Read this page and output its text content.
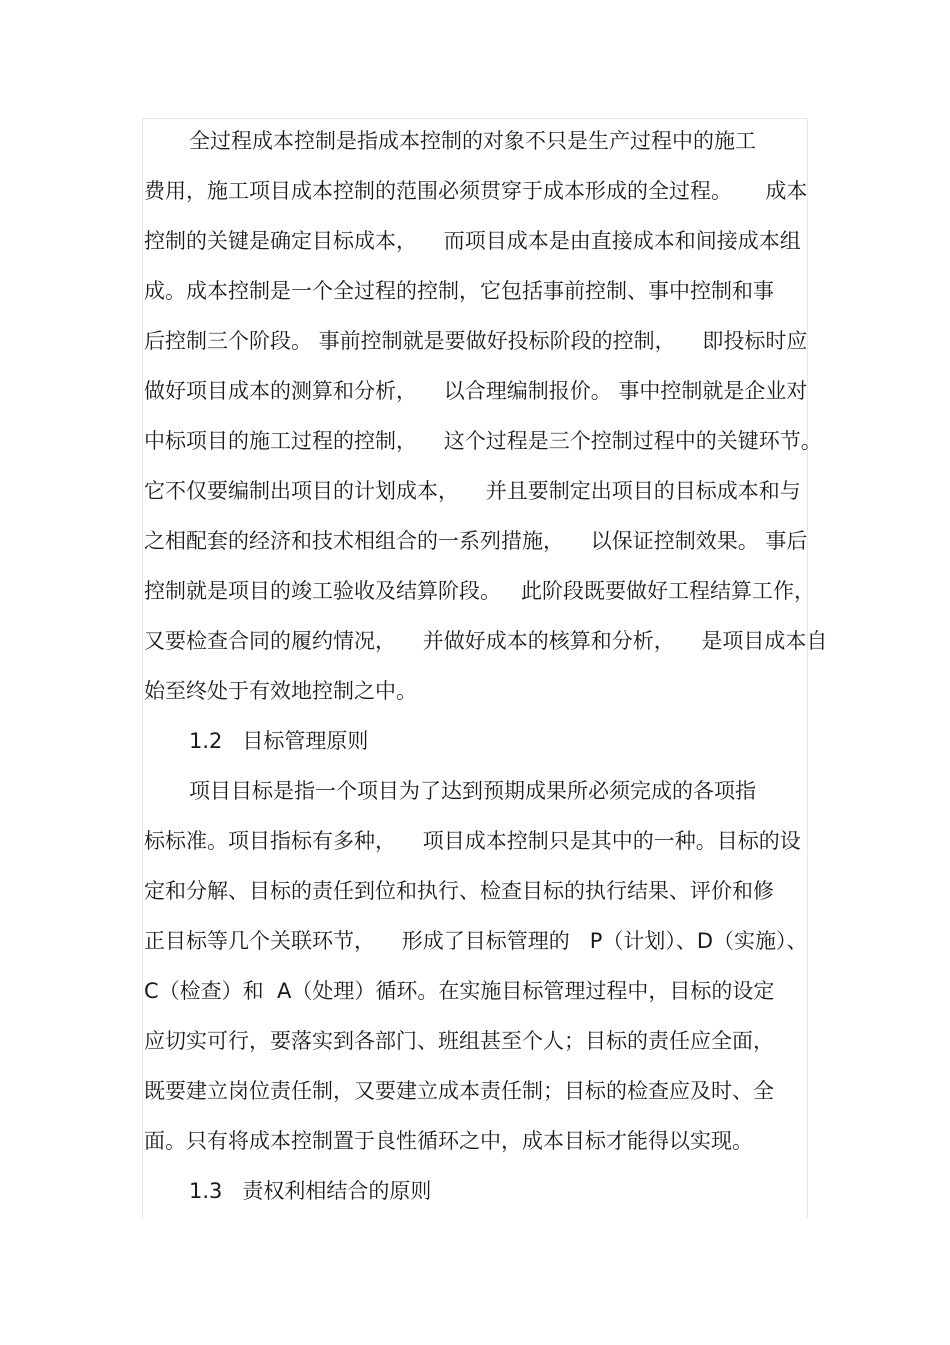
全过程成本控制是指成本控制的对象不只是生产过程中的施工
费用，施工项目成本控制的范围必须贯穿于成本形成的全过程。     成本
控制的关键是确定目标成本，    而项目成本是由直接成本和间接成本组
成。成本控制是一个全过程的控制，它包括事前控制、事中控制和事
后控制三个阶段。 事前控制就是要做好投标阶段的控制，    即投标时应
做好项目成本的测算和分析，    以合理编制报价。 事中控制就是企业对
中标项目的施工过程的控制，    这个过程是三个控制过程中的关键环节。
它不仅要编制出项目的计划成本，    并且要制定出项目的目标成本和与
之相配套的经济和技术相组合的一系列措施，    以保证控制效果。 事后
控制就是项目的竣工验收及结算阶段。   此阶段既要做好工程结算工作，
又要检查合同的履约情况，    并做好成本的核算和分析，    是项目成本自
始至终处于有效地控制之中。
1.2   目标管理原则
项目目标是指一个项目为了达到预期成果所必须完成的各项指
标标准。项目指标有多种，    项目成本控制只是其中的一种。目标的设
定和分解、目标的责任到位和执行、检查目标的执行结果、评价和修
正目标等几个关联环节，    形成了目标管理的   P（计划）、D（实施）、
C（检查）和  A（处理）循环。在实施目标管理过程中，目标的设定
应切实可行，要落实到各部门、班组甚至个人；目标的责任应全面，
既要建立岗位责任制，又要建立成本责任制；目标的检查应及时、全
面。只有将成本控制置于良性循环之中，成本目标才能得以实现。
1.3   责权利相结合的原则
